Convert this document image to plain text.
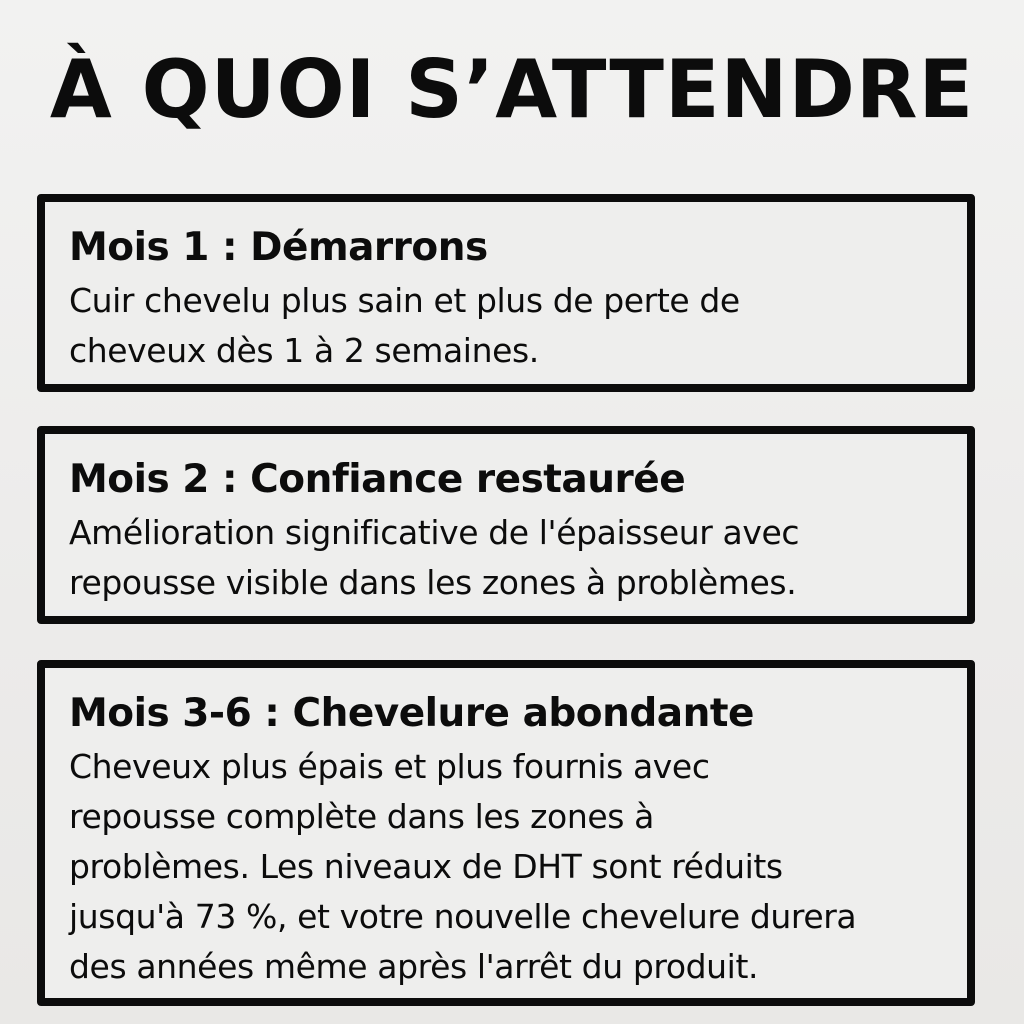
À QUOI S’ATTENDRE
Mois 1 : Démarrons

Cuir chevelu plus sain et plus de perte de
cheveux dès 1 à 2 semaines.

Mois 2 : Confiance restaurée

Amélioration significative de l'épaisseur avec
repousse visible dans les zones à problèmes.

Mois 3-6 : Chevelure abondante

Cheveux plus épais et plus fournis avec
repousse complète dans les zones à
problèmes. Les niveaux de DHT sont réduits
jusqu'à 73 %, et votre nouvelle chevelure durera
des années même après l'arrêt du produit.
